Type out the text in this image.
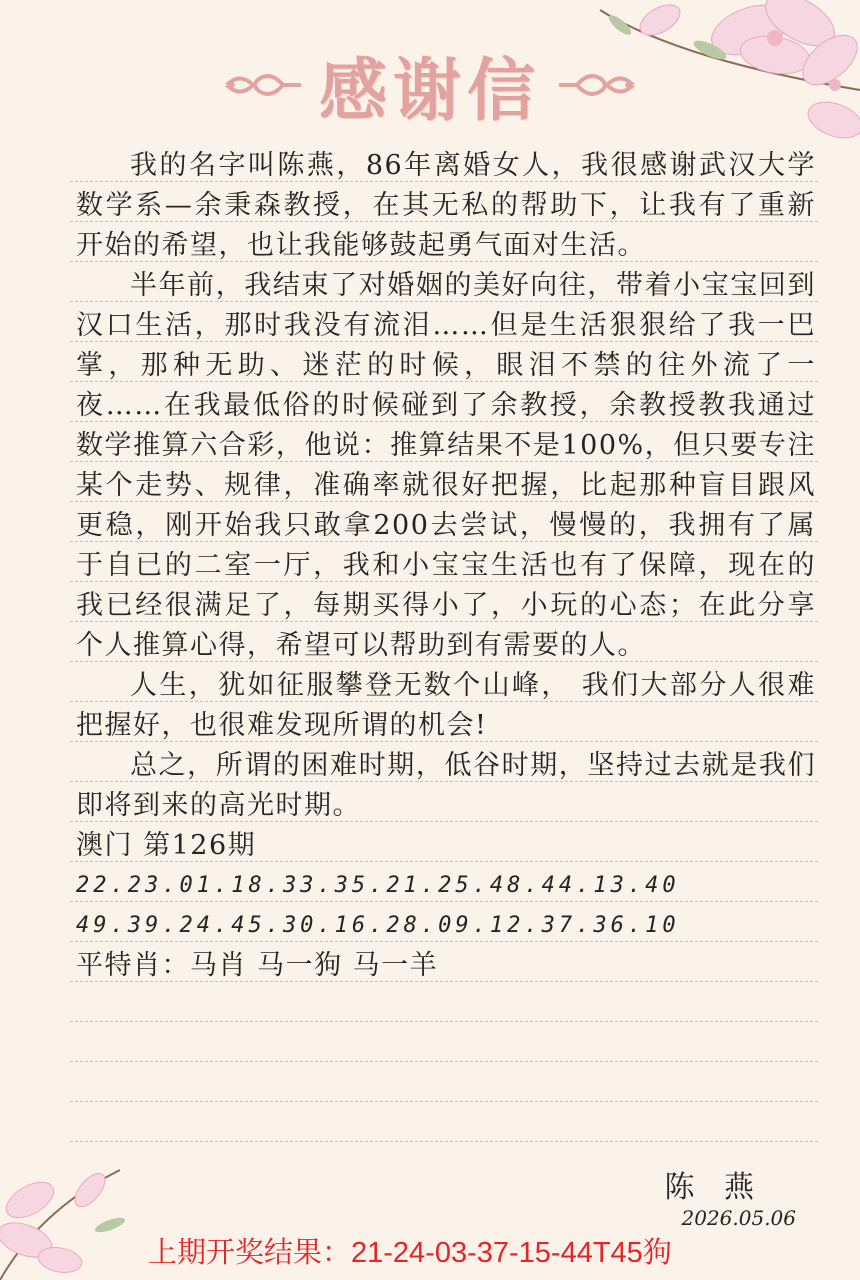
感谢信

我的名字叫陈燕，86年离婚女人，我很感谢武汉大学数学系—余秉森教授，在其无私的帮助下，让我有了重新开始的希望，也让我能够鼓起勇气面对生活。

半年前，我结束了对婚姻的美好向往，带着小宝宝回到汉口生活，那时我没有流泪……但是生活狠狠给了我一巴掌，那种无助、迷茫的时候，眼泪不禁的往外流了一夜……在我最低俗的时候碰到了余教授，余教授教我通过数学推算六合彩，他说：推算结果不是100%，但只要专注某个走势、规律，准确率就很好把握，比起那种盲目跟风更稳，刚开始我只敢拿200去尝试，慢慢的，我拥有了属于自已的二室一厅，我和小宝宝生活也有了保障，现在的我已经很满足了，每期买得小了，小玩的心态；在此分享个人推算心得，希望可以帮助到有需要的人。

人生，犹如征服攀登无数个山峰， 我们大部分人很难把握好，也很难发现所谓的机会!

总之，所谓的困难时期，低谷时期，坚持过去就是我们即将到来的高光时期。

澳门 第126期

22.23.01.18.33.35.21.25.48.44.13.40

49.39.24.45.30.16.28.09.12.37.36.10

平特肖：马肖 马一狗 马一羊

陈 燕
2026.05.06
上期开奖结果：21-24-03-37-15-44T45狗
